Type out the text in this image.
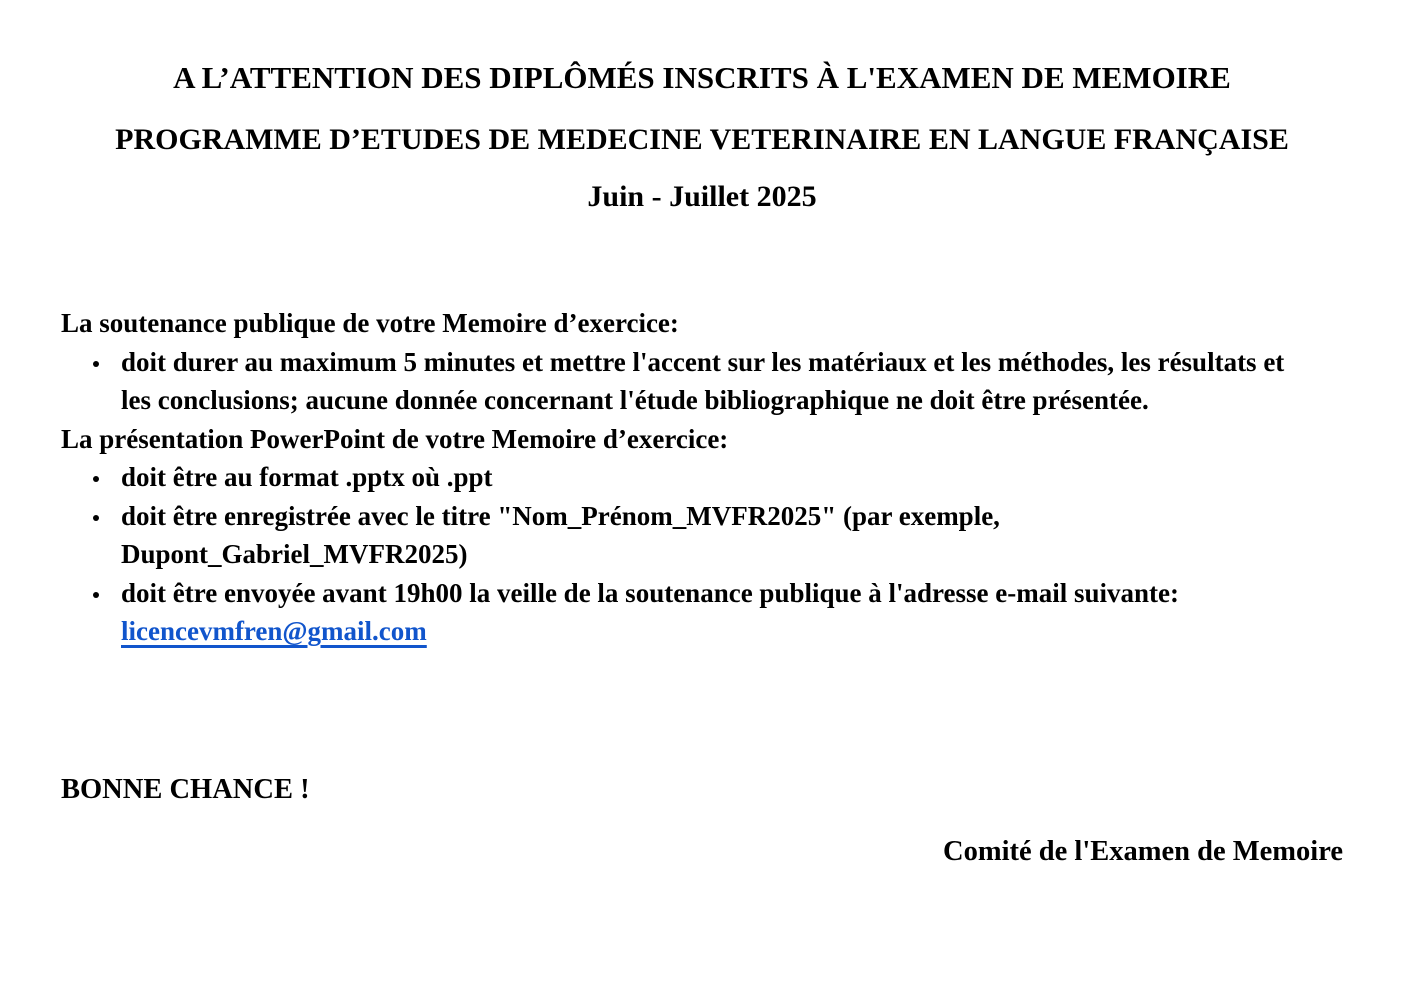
A L’ATTENTION DES DIPLÔMÉS INSCRITS À L'EXAMEN DE MEMOIRE
PROGRAMME D’ETUDES DE MEDECINE VETERINAIRE EN LANGUE FRANÇAISE
Juin - Juillet 2025

La soutenance publique de votre Memoire d’exercice:

doit durer au maximum 5 minutes et mettre l'accent sur les matériaux et les méthodes, les résultats et les conclusions; aucune donnée concernant l'étude bibliographique ne doit être présentée.

La présentation PowerPoint de votre Memoire d’exercice:

doit être au format .pptx où .ppt
doit être enregistrée avec le titre "Nom_Prénom_MVFR2025" (par exemple, Dupont_Gabriel_MVFR2025)
doit être envoyée avant 19h00 la veille de la soutenance publique à l'adresse e-mail suivante: licencevmfren@gmail.com

BONNE CHANCE !

Comité de l'Examen de Memoire
